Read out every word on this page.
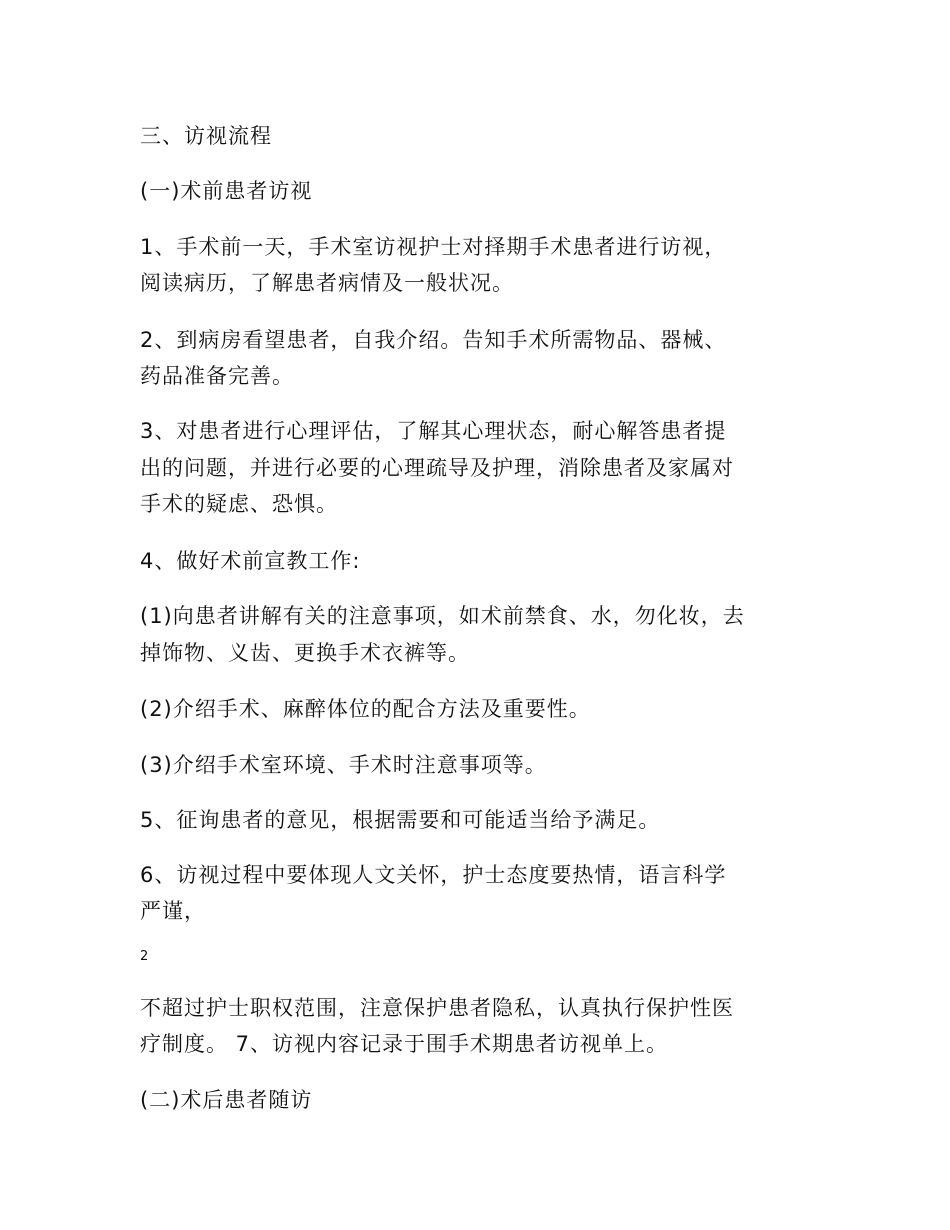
三、访视流程
(一)术前患者访视
1、手术前一天，手术室访视护士对择期手术患者进行访视，
阅读病历，了解患者病情及一般状况。
2、到病房看望患者，自我介绍。告知手术所需物品、器械、
药品准备完善。
3、对患者进行心理评估，了解其心理状态，耐心解答患者提
出的问题，并进行必要的心理疏导及护理，消除患者及家属对
手术的疑虑、恐惧。
4、做好术前宣教工作:
(1)向患者讲解有关的注意事项，如术前禁食、水，勿化妆，去
掉饰物、义齿、更换手术衣裤等。
(2)介绍手术、麻醉体位的配合方法及重要性。
(3)介绍手术室环境、手术时注意事项等。
5、征询患者的意见，根据需要和可能适当给予满足。
6、访视过程中要体现人文关怀，护士态度要热情，语言科学
严谨，
2
不超过护士职权范围，注意保护患者隐私，认真执行保护性医
疗制度。 7、访视内容记录于围手术期患者访视单上。
(二)术后患者随访
